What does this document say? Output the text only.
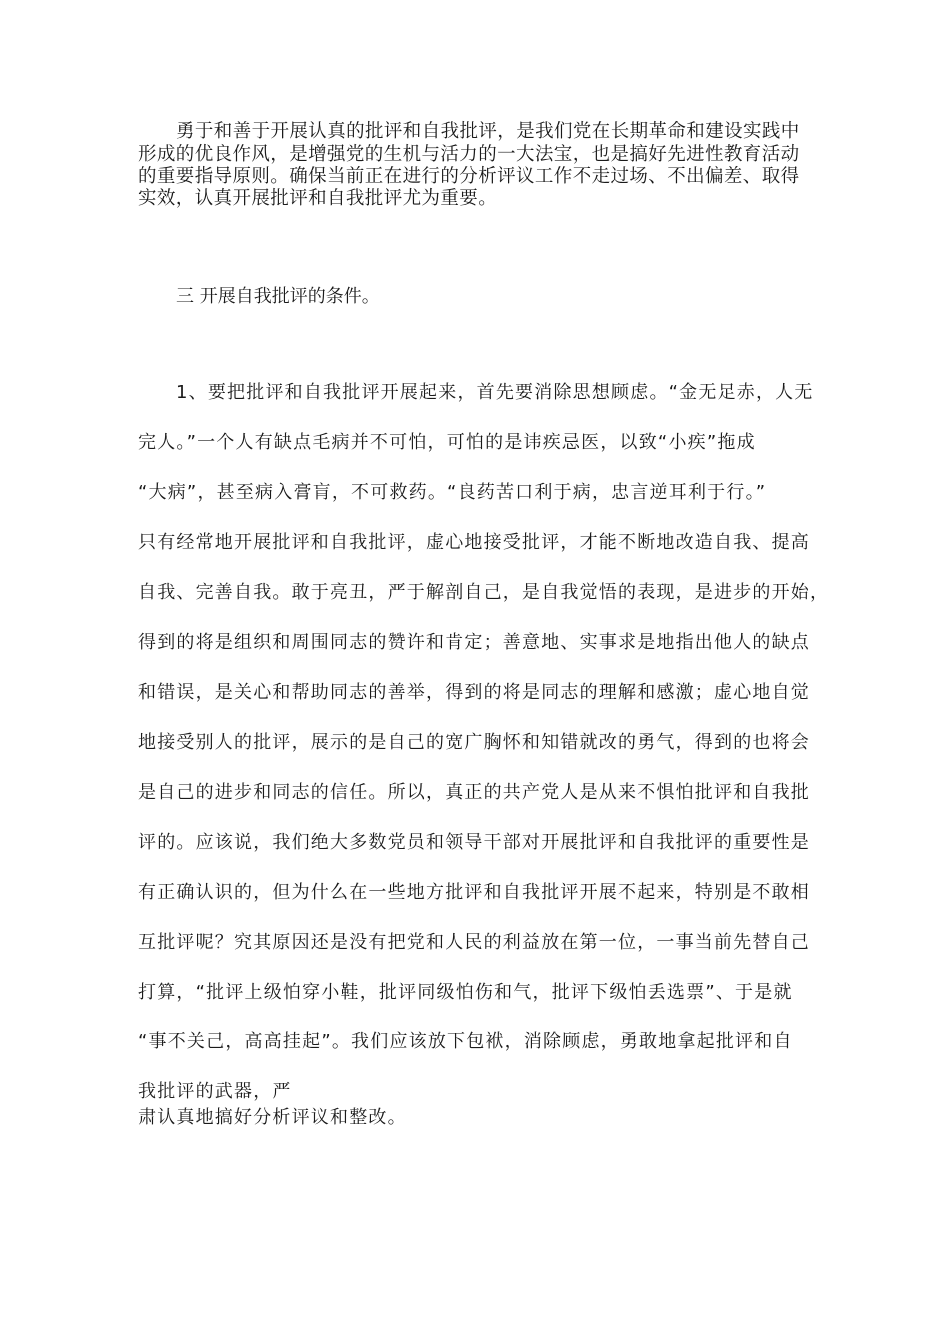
勇于和善于开展认真的批评和自我批评，是我们党在长期革命和建设实践中
形成的优良作风，是增强党的生机与活力的一大法宝，也是搞好先进性教育活动
的重要指导原则。确保当前正在进行的分析评议工作不走过场、不出偏差、取得
实效，认真开展批评和自我批评尤为重要。
三 开展自我批评的条件。
1、要把批评和自我批评开展起来，首先要消除思想顾虑。“金无足赤，人无
完人。”一个人有缺点毛病并不可怕，可怕的是讳疾忌医，以致“小疾”拖成
“大病”，甚至病入膏肓，不可救药。“良药苦口利于病，忠言逆耳利于行。”
只有经常地开展批评和自我批评，虚心地接受批评，才能不断地改造自我、提高
自我、完善自我。敢于亮丑，严于解剖自己，是自我觉悟的表现，是进步的开始，
得到的将是组织和周围同志的赞许和肯定；善意地、实事求是地指出他人的缺点
和错误，是关心和帮助同志的善举，得到的将是同志的理解和感激；虚心地自觉
地接受别人的批评，展示的是自己的宽广胸怀和知错就改的勇气，得到的也将会
是自己的进步和同志的信任。所以，真正的共产党人是从来不惧怕批评和自我批
评的。应该说，我们绝大多数党员和领导干部对开展批评和自我批评的重要性是
有正确认识的，但为什么在一些地方批评和自我批评开展不起来，特别是不敢相
互批评呢？究其原因还是没有把党和人民的利益放在第一位，一事当前先替自己
打算，“批评上级怕穿小鞋，批评同级怕伤和气，批评下级怕丢选票”、于是就
“事不关己，高高挂起”。我们应该放下包袱，消除顾虑，勇敢地拿起批评和自
我批评的武器，严
肃认真地搞好分析评议和整改。
